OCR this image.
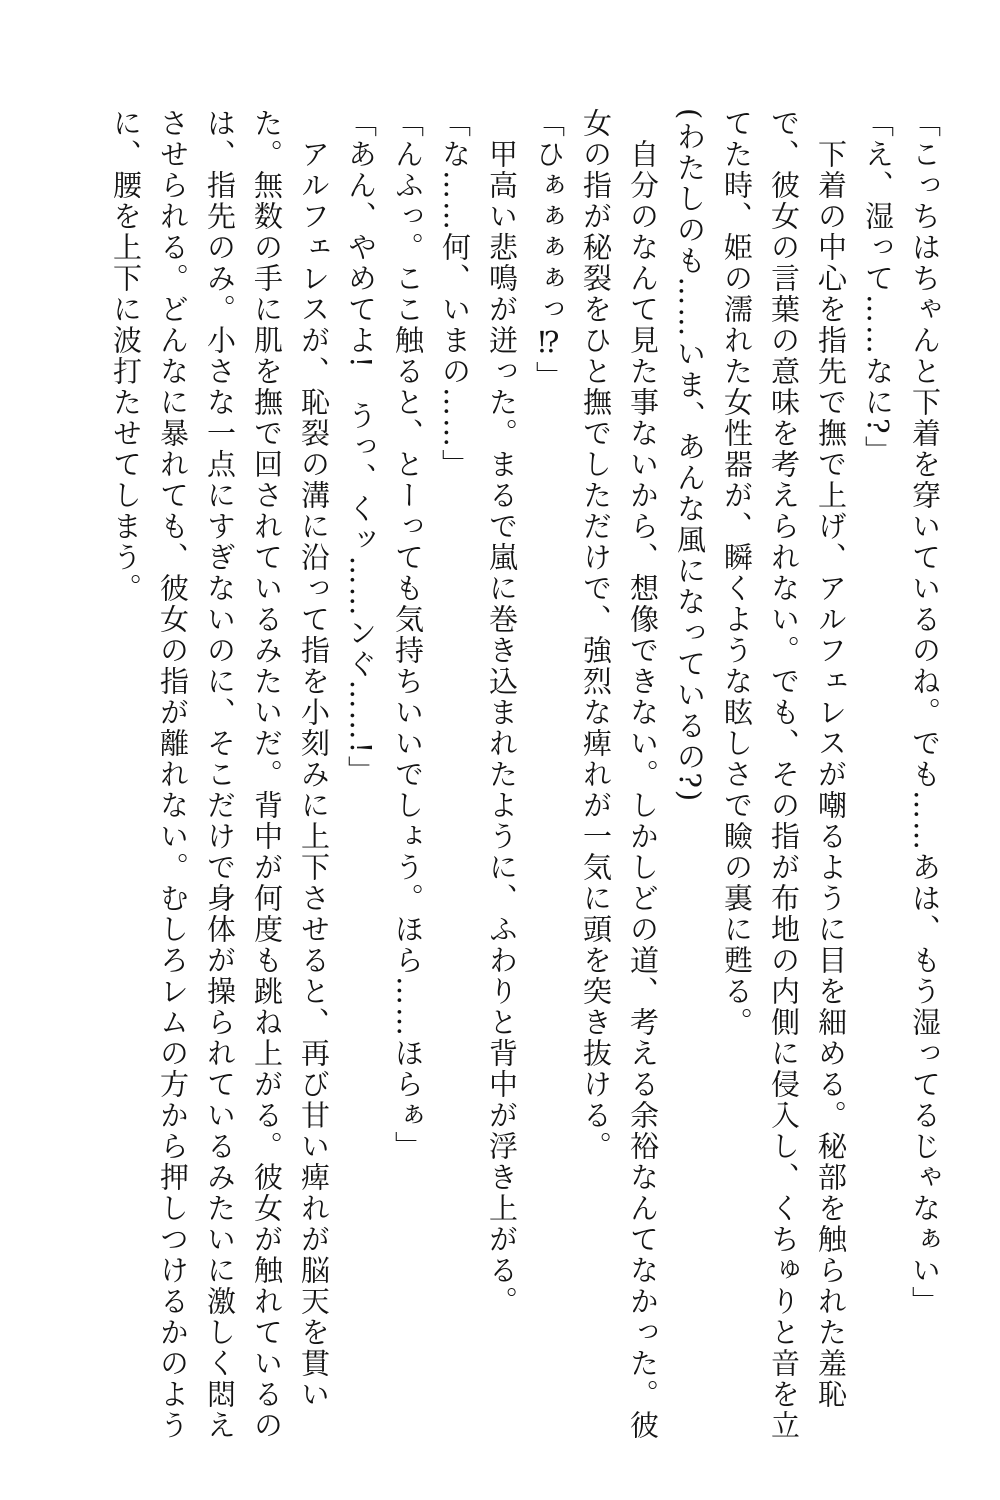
「こっちはちゃんと下着を穿いているのね。でも……あは、もう湿ってるじゃなぁい」

「え、湿って……なに?」

下着の中心を指先で撫で上げ、アルフェレスが嘲るように目を細める。秘部を触られた羞恥で、彼女の言葉の意味を考えられない。でも、その指が布地の内側に侵入し、くちゅりと音を立てた時、姫の濡れた女性器が、瞬くような眩しさで瞼の裏に甦る。

(わたしのも……いま、あんな風になっているの?)

自分のなんて見た事ないから、想像できない。しかしどの道、考える余裕なんてなかった。彼女の指が秘裂をひと撫でしただけで、強烈な痺れが一気に頭を突き抜ける。

「ひぁぁぁぁっ⁉」

甲高い悲鳴が迸った。まるで嵐に巻き込まれたように、ふわりと背中が浮き上がる。

「な……何、いまの……」

「んふっ。ここ触ると、とーっても気持ちいいでしょう。ほら……ほらぁ」

「あん、やめてよ!　うっ、くッ……ンぐ……!」

アルフェレスが、恥裂の溝に沿って指を小刻みに上下させると、再び甘い痺れが脳天を貫いた。無数の手に肌を撫で回されているみたいだ。背中が何度も跳ね上がる。彼女が触れているのは、指先のみ。小さな一点にすぎないのに、そこだけで身体が操られているみたいに激しく悶えさせられる。どんなに暴れても、彼女の指が離れない。むしろレムの方から押しつけるかのように、腰を上下に波打たせてしまう。
